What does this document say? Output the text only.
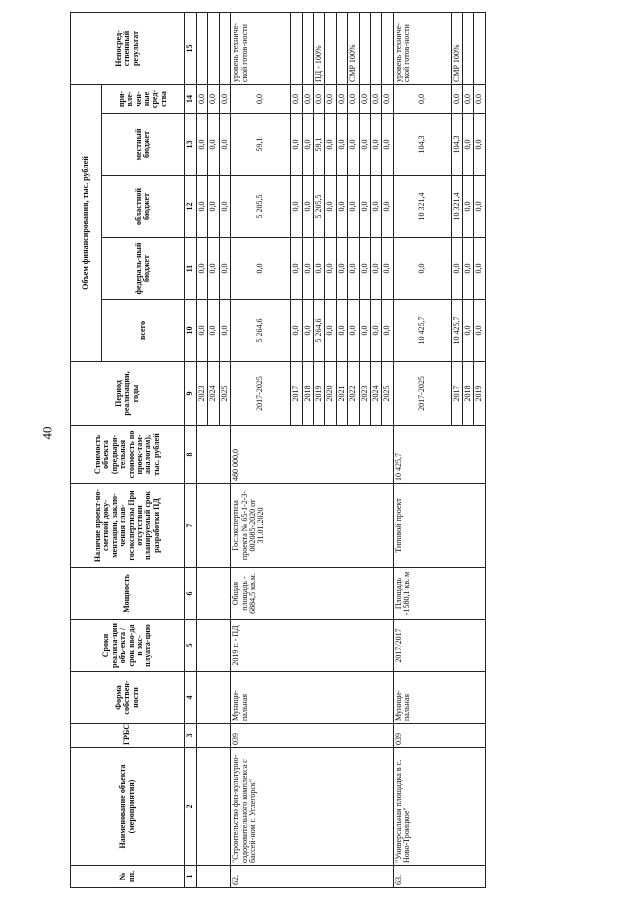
40
№ пп.	Наименование объекта (мероприятия)	ГРБС	Форма собствен-ности	Сроки реализа-ции объ-екта / срок вво-да в экс-плуата-цию	Мощность	Наличие проект-но-сметной доку-ментации, заклю-чения глав-госэкспертизы При отсутствии планируемый срок разработки ПД	Стоимость объекта (предвари-тельная стоимость по проек-там-аналогам), тыс. рублей	Период реализации, годы	Объем финансирования, тыс. рублей					Непосред-ственный результат
									всего	федераль-ный бюджет	областной бюджет	местный бюджет	при-вле-чен-ные сред-ства	
1	2	3	4	5	6	7	8	9	10	11	12	13	14	15
								2023	0,0	0,0	0,0	0,0	0,0	
								2024	0,0	0,0	0,0	0,0	0,0	
								2025	0,0	0,0	0,0	0,0	0,0	
62.	"Строительство физ-культурно-оздоровительного комплекса с бассей-ном г. Углегорск"	039	Муници-пальная	2019 г. - ПД	Общая площадь - 6884,5 кв.м.	Гос.экспертиза проекта № 65-1-2-3-002085-2020 от 31.01.2020	480 000,0	2017-2025	5 264,6	0,0	5 205,5	59,1	0,0	уровень техниче-ской готов-ности
								2017	0,0	0,0	0,0	0,0	0,0	
								2018	0,0	0,0	0,0	0,0	0,0	
								2019	5 264,6	0,0	5 205,5	59,1	0,0	ПД - 100%
								2020	0,0	0,0	0,0	0,0	0,0	
								2021	0,0	0,0	0,0	0,0	0,0	
								2022	0,0	0,0	0,0	0,0	0,0	СМР 100%
								2023	0,0	0,0	0,0	0,0	0,0	
								2024	0,0	0,0	0,0	0,0	0,0	
								2025	0,0	0,0	0,0	0,0	0,0	
63.	"Универсальная площадка в с. Ново-Троицкое"	039	Муници-пальная	2017/2017	Площадь -1580,1 кв. м	Типовой проект	10 425,7	2017-2025	10 425,7	0,0	10 321,4	104,3	0,0	уровень техниче-ской готов-ности
								2017	10 425,7	0,0	10 321,4	104,3	0,0	СМР 100%
								2018	0,0	0,0	0,0	0,0	0,0	
								2019	0,0	0,0	0,0	0,0	0,0	
